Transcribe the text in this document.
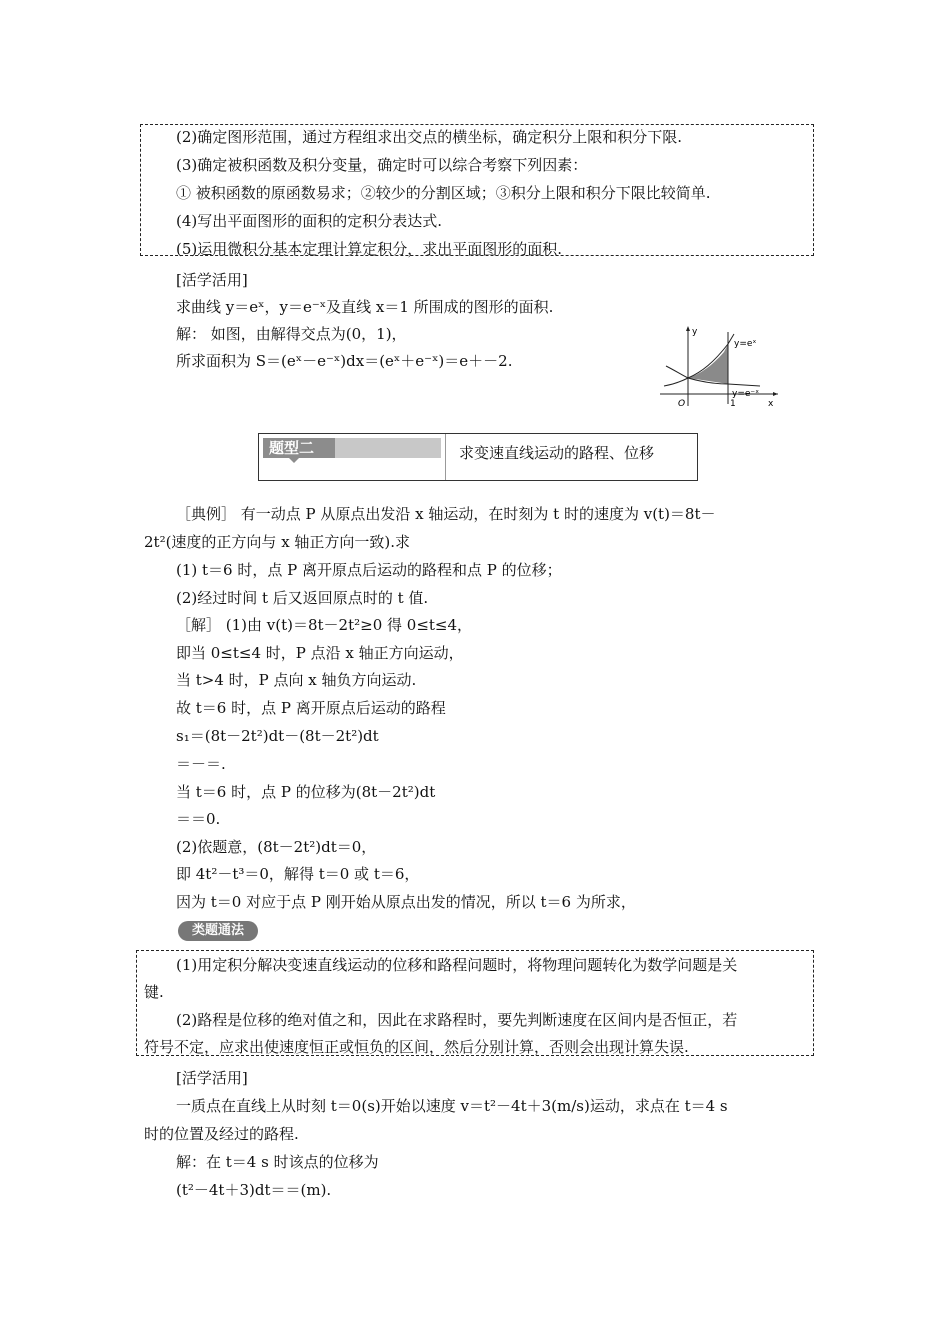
(2)确定图形范围，通过方程组求出交点的横坐标，确定积分上限和积分下限.
(3)确定被积函数及积分变量，确定时可以综合考察下列因素：
① 被积函数的原函数易求；②较少的分割区域；③积分上限和积分下限比较简单.
(4)写出平面图形的面积的定积分表达式.
(5)运用微积分基本定理计算定积分，求出平面图形的面积.
[活学活用]
求曲线 y＝eˣ，y＝e⁻ˣ及直线 x＝1 所围成的图形的面积.
解： 如图，由解得交点为(0，1)，
所求面积为 S＝(eˣ－e⁻ˣ)dx＝(eˣ＋e⁻ˣ)＝e＋－2.
y
x
O	1
y=eˣ
y=e⁻ˣ
题型二	求变速直线运动的路程、位移
［典例］ 有一动点 P 从原点出发沿 x 轴运动，在时刻为 t 时的速度为 v(t)＝8t－
2t²(速度的正方向与 x 轴正方向一致).求
(1) t＝6 时，点 P 离开原点后运动的路程和点 P 的位移；
(2)经过时间 t 后又返回原点时的 t 值.
［解］ (1)由 v(t)＝8t－2t²≥0 得 0≤t≤4，
即当 0≤t≤4 时，P 点沿 x 轴正方向运动，
当 t>4 时，P 点向 x 轴负方向运动.
故 t＝6 时，点 P 离开原点后运动的路程
s₁＝(8t－2t²)dt－(8t－2t²)dt
＝－＝.
当 t＝6 时，点 P 的位移为(8t－2t²)dt
＝＝0.
(2)依题意，(8t－2t²)dt＝0，
即 4t²－t³＝0，解得 t＝0 或 t＝6，
因为 t＝0 对应于点 P 刚开始从原点出发的情况，所以 t＝6 为所求，
类题通法
(1)用定积分解决变速直线运动的位移和路程问题时，将物理问题转化为数学问题是关
键.
(2)路程是位移的绝对值之和，因此在求路程时，要先判断速度在区间内是否恒正，若
符号不定，应求出使速度恒正或恒负的区间，然后分别计算，否则会出现计算失误.
[活学活用]
一质点在直线上从时刻 t＝0(s)开始以速度 v＝t²－4t＋3(m/s)运动，求点在 t＝4 s
时的位置及经过的路程.
解：在 t＝4 s 时该点的位移为
(t²－4t＋3)dt＝＝(m).
